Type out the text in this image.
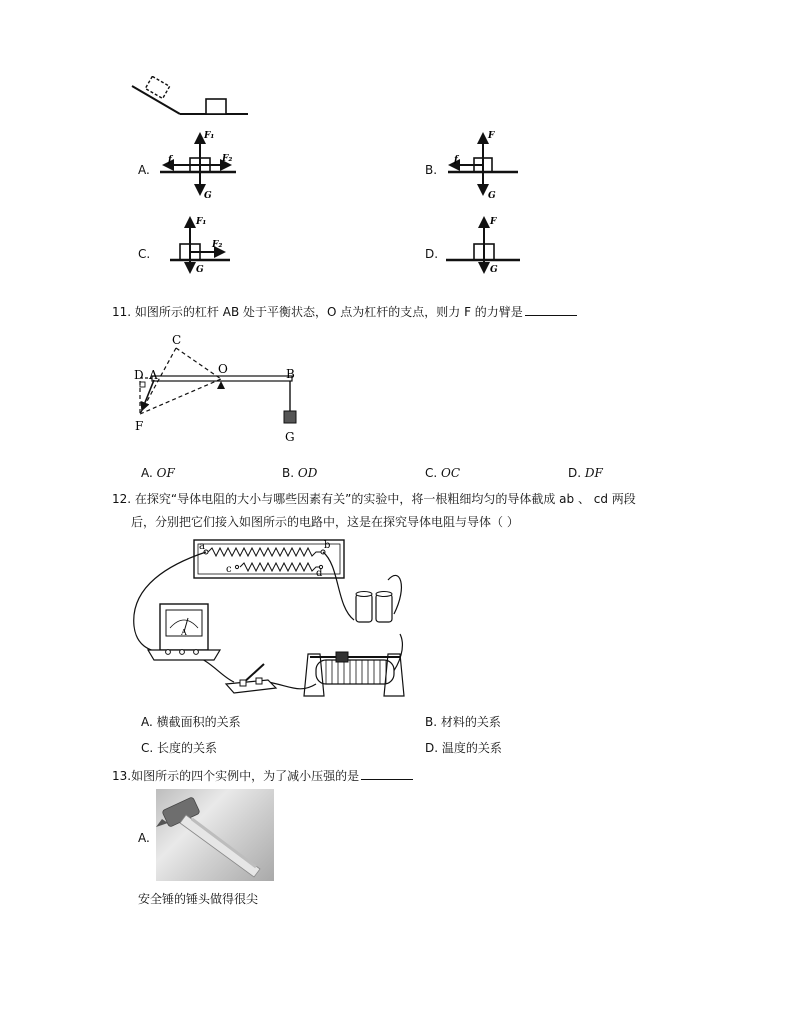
A.
F₁
F₂
f
G
B.
F
f
G
C.
F₁
F₂
G
D.
F
G
11. 如图所示的杠杆 AB 处于平衡状态，O 点为杠杆的支点，则力 F 的力臂是
C
D A	O	B
F
G
A. OF	B. OD	C. OC	D. DF
12. 在探究“导体电阻的大小与哪些因素有关”的实验中，将一根粗细均匀的导体截成 ab 、 cd 两段
后，分别把它们接入如图所示的电路中，这是在探究导体电阻与导体（ ）
a	b
c	d
A
A. 横截面积的关系	B. 材料的关系
C. 长度的关系	D. 温度的关系
13.如图所示的四个实例中，为了减小压强的是
A.
安全锤的锤头做得很尖
